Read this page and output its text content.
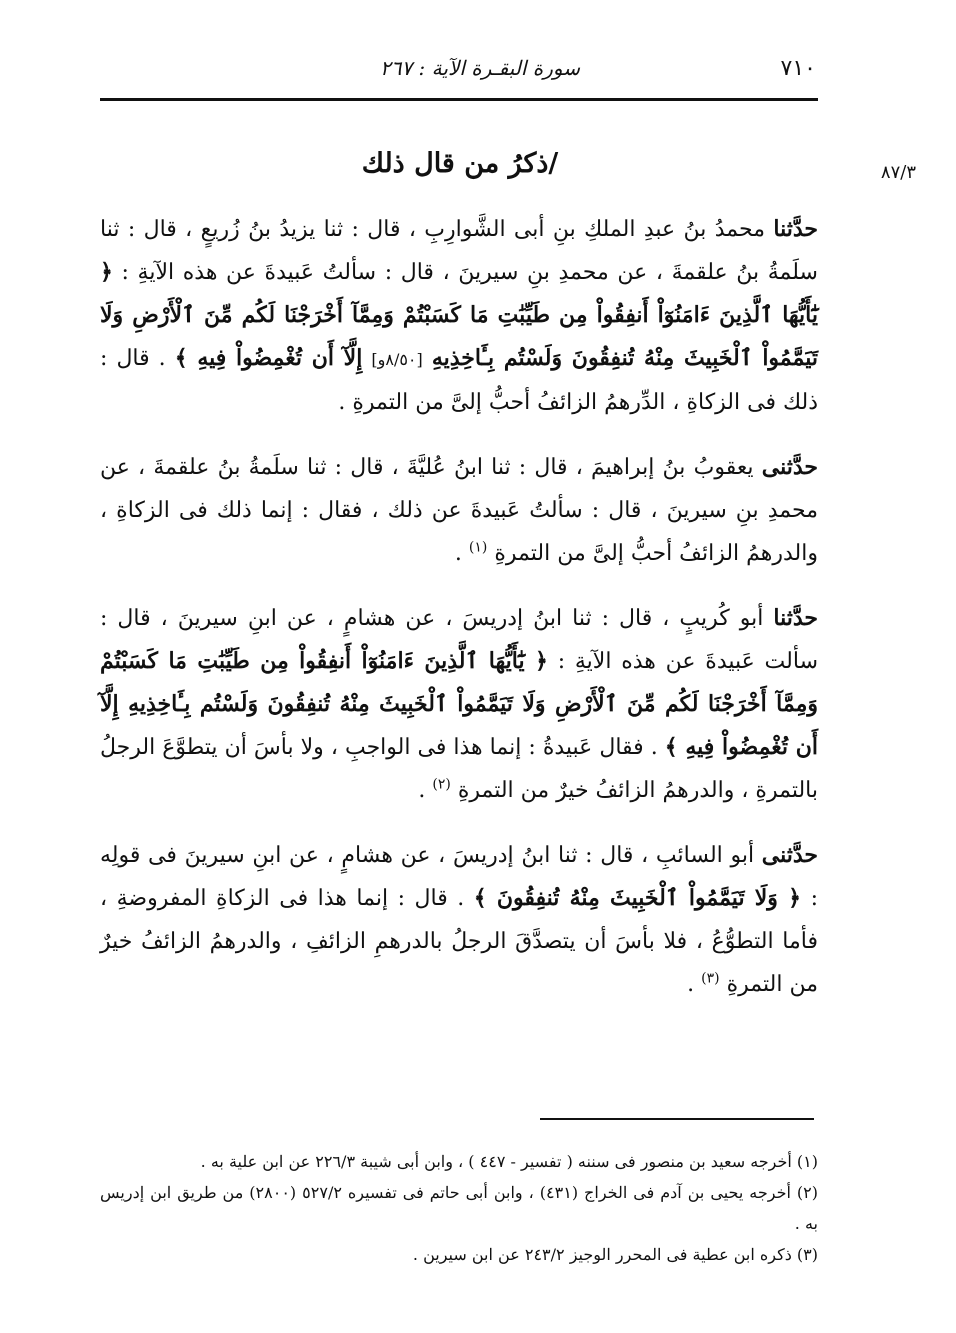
٧١٠
سورة البقـرة الآية : ٢٦٧
٨٧/٣
/ذكرُ من قال ذلك

حدَّثنا محمدُ بنُ عبدِ الملكِ بنِ أبى الشَّوارِبِ ، قال : ثنا يزيدُ بنُ زُريعٍ ، قال : ثنا سلَمةُ بنُ علقمةَ ، عن محمدِ بنِ سيرينَ ، قال : سألتُ عَبيدةَ عن هذه الآيةِ : ﴿ يَٰٓأَيُّهَا ٱلَّذِينَ ءَامَنُوٓاْ أَنفِقُواْ مِن طَيِّبَٰتِ مَا كَسَبْتُمْ وَمِمَّآ أَخْرَجْنَا لَكُم مِّنَ ٱلْأَرْضِ وَلَا تَيَمَّمُواْ ٱلْخَبِيثَ مِنْهُ تُنفِقُونَ وَلَسْتُم بِـَٔاخِذِيهِ [٨/٥٠و] إِلَّآ أَن تُغْمِضُواْ فِيهِ ﴾ . قال : ذلك فى الزكاةِ ، الدِّرهمُ الزائفُ أحبُّ إلىَّ من التمرةِ .

حدَّثنى يعقوبُ بنُ إبراهيمَ ، قال : ثنا ابنُ عُليَّةَ ، قال : ثنا سلَمةُ بنُ علقمةَ ، عن محمدِ بنِ سيرينَ ، قال : سألتُ عَبيدةَ عن ذلك ، فقال : إنما ذلك فى الزكاةِ ، والدرهمُ الزائفُ أحبُّ إلىَّ من التمرةِ $^{(١)}$ .

حدَّثنا أبو كُريبٍ ، قال : ثنا ابنُ إدريسَ ، عن هشامٍ ، عن ابنِ سيرينَ ، قال : سألت عَبيدةَ عن هذه الآيةِ : ﴿ يَٰٓأَيُّهَا ٱلَّذِينَ ءَامَنُوٓاْ أَنفِقُواْ مِن طَيِّبَٰتِ مَا كَسَبْتُمْ وَمِمَّآ أَخْرَجْنَا لَكُم مِّنَ ٱلْأَرْضِ وَلَا تَيَمَّمُواْ ٱلْخَبِيثَ مِنْهُ تُنفِقُونَ وَلَسْتُم بِـَٔاخِذِيهِ إِلَّآ أَن تُغْمِضُواْ فِيهِ ﴾ . فقال عَبيدةُ : إنما هذا فى الواجبِ ، ولا بأسَ أن يتطوَّعَ الرجلُ بالتمرةِ ، والدرهمُ الزائفُ خيرٌ من التمرةِ $^{(٢)}$ .

حدَّثنى أبو السائبِ ، قال : ثنا ابنُ إدريسَ ، عن هشامٍ ، عن ابنِ سيرينَ فى قولِه : ﴿ وَلَا تَيَمَّمُواْ ٱلْخَبِيثَ مِنْهُ تُنفِقُونَ ﴾ . قال : إنما هذا فى الزكاةِ المفروضةِ ، فأما التطوُّعُ ، فلا بأسَ أن يتصدَّقَ الرجلُ بالدرهمِ الزائفِ ، والدرهمُ الزائفُ خيرٌ من التمرةِ $^{(٣)}$ .

(١) أخرجه سعيد بن منصور فى سننه ( تفسير - ٤٤٧ ) ، وابن أبى شيبة ٢٢٦/٣ عن ابن علية به .

(٢) أخرجه يحيى بن آدم فى الخراج (٤٣١) ، وابن أبى حاتم فى تفسيره ٥٢٧/٢ (٢٨٠٠) من طريق ابن إدريس به .

(٣) ذكره ابن عطية فى المحرر الوجيز ٢٤٣/٢ عن ابن سيرين .
